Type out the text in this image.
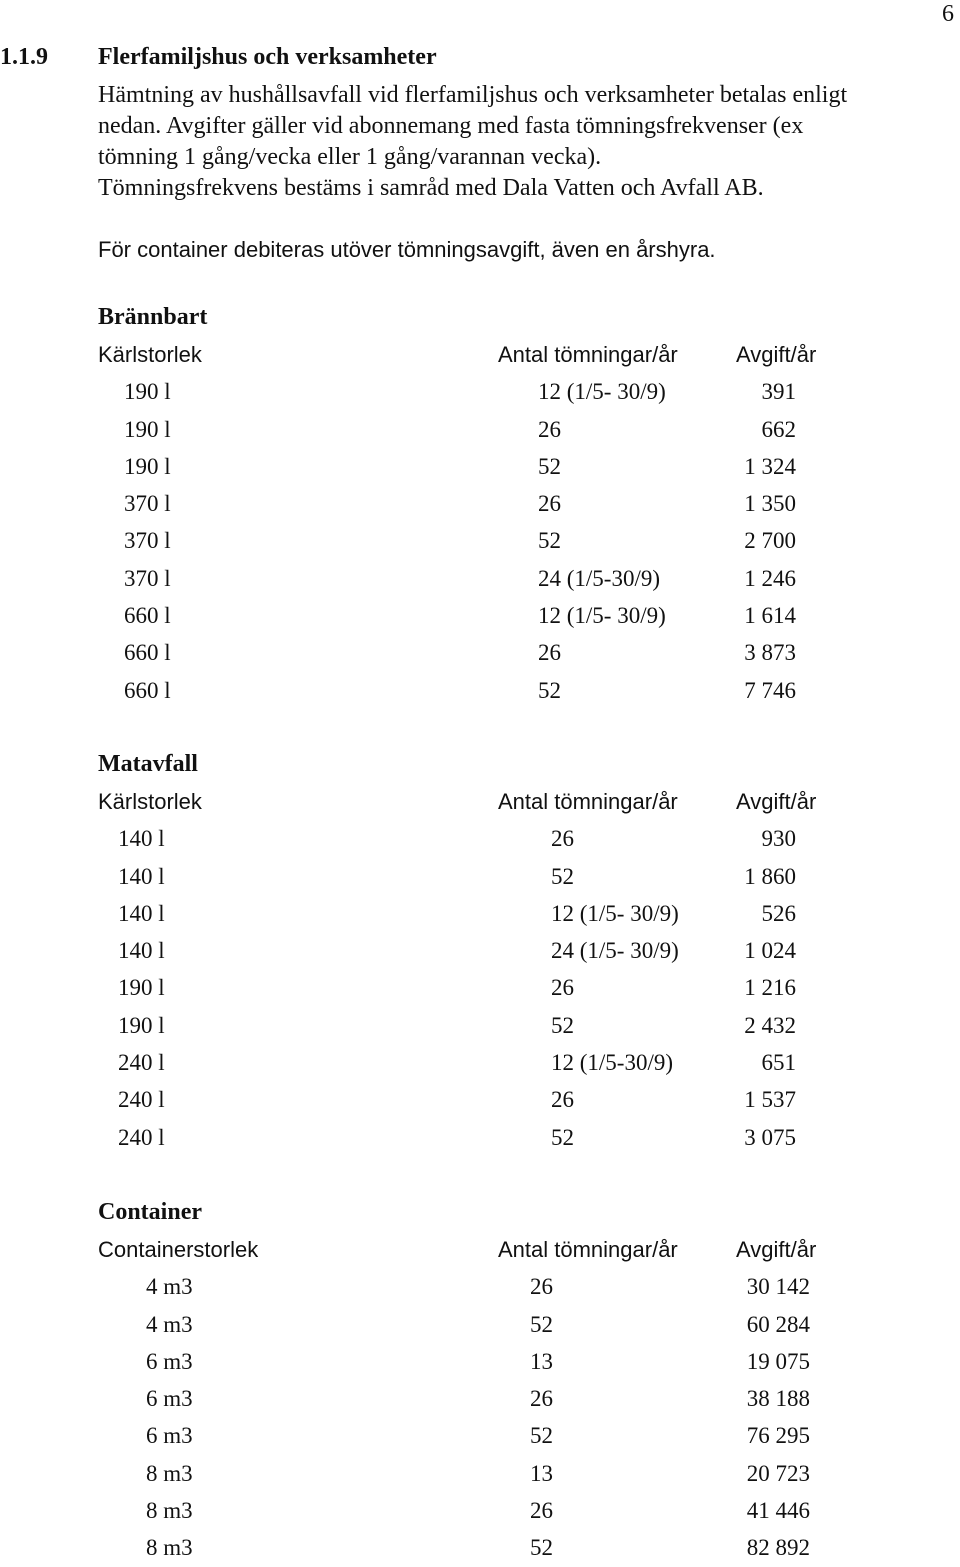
6
1.1.9 Flerfamiljshus och verksamheter
Hämtning av hushållsavfall vid flerfamiljshus och verksamheter betalas enligt
nedan. Avgifter gäller vid abonnemang med fasta tömningsfrekvenser (ex
tömning 1 gång/vecka eller 1 gång/varannan vecka).
Tömningsfrekvens bestäms i samråd med Dala Vatten och Avfall AB.
För container debiteras utöver tömningsavgift, även en årshyra.
Brännbart
Kärlstorlek	Antal tömningar/år	Avgift/år
190 l	12 (1/5- 30/9)	391
190 l	26	662
190 l	52	1 324
370 l	26	1 350
370 l	52	2 700
370 l	24 (1/5-30/9)	1 246
660 l	12 (1/5- 30/9)	1 614
660 l	26	3 873
660 l	52	7 746
Matavfall
Kärlstorlek	Antal tömningar/år	Avgift/år
140 l	26	930
140 l	52	1 860
140 l	12 (1/5- 30/9)	526
140 l	24 (1/5- 30/9)	1 024
190 l	26	1 216
190 l	52	2 432
240 l	12 (1/5-30/9)	651
240 l	26	1 537
240 l	52	3 075
Container
Containerstorlek	Antal tömningar/år	Avgift/år
4 m3	26	30 142
4 m3	52	60 284
6 m3	13	19 075
6 m3	26	38 188
6 m3	52	76 295
8 m3	13	20 723
8 m3	26	41 446
8 m3	52	82 892
